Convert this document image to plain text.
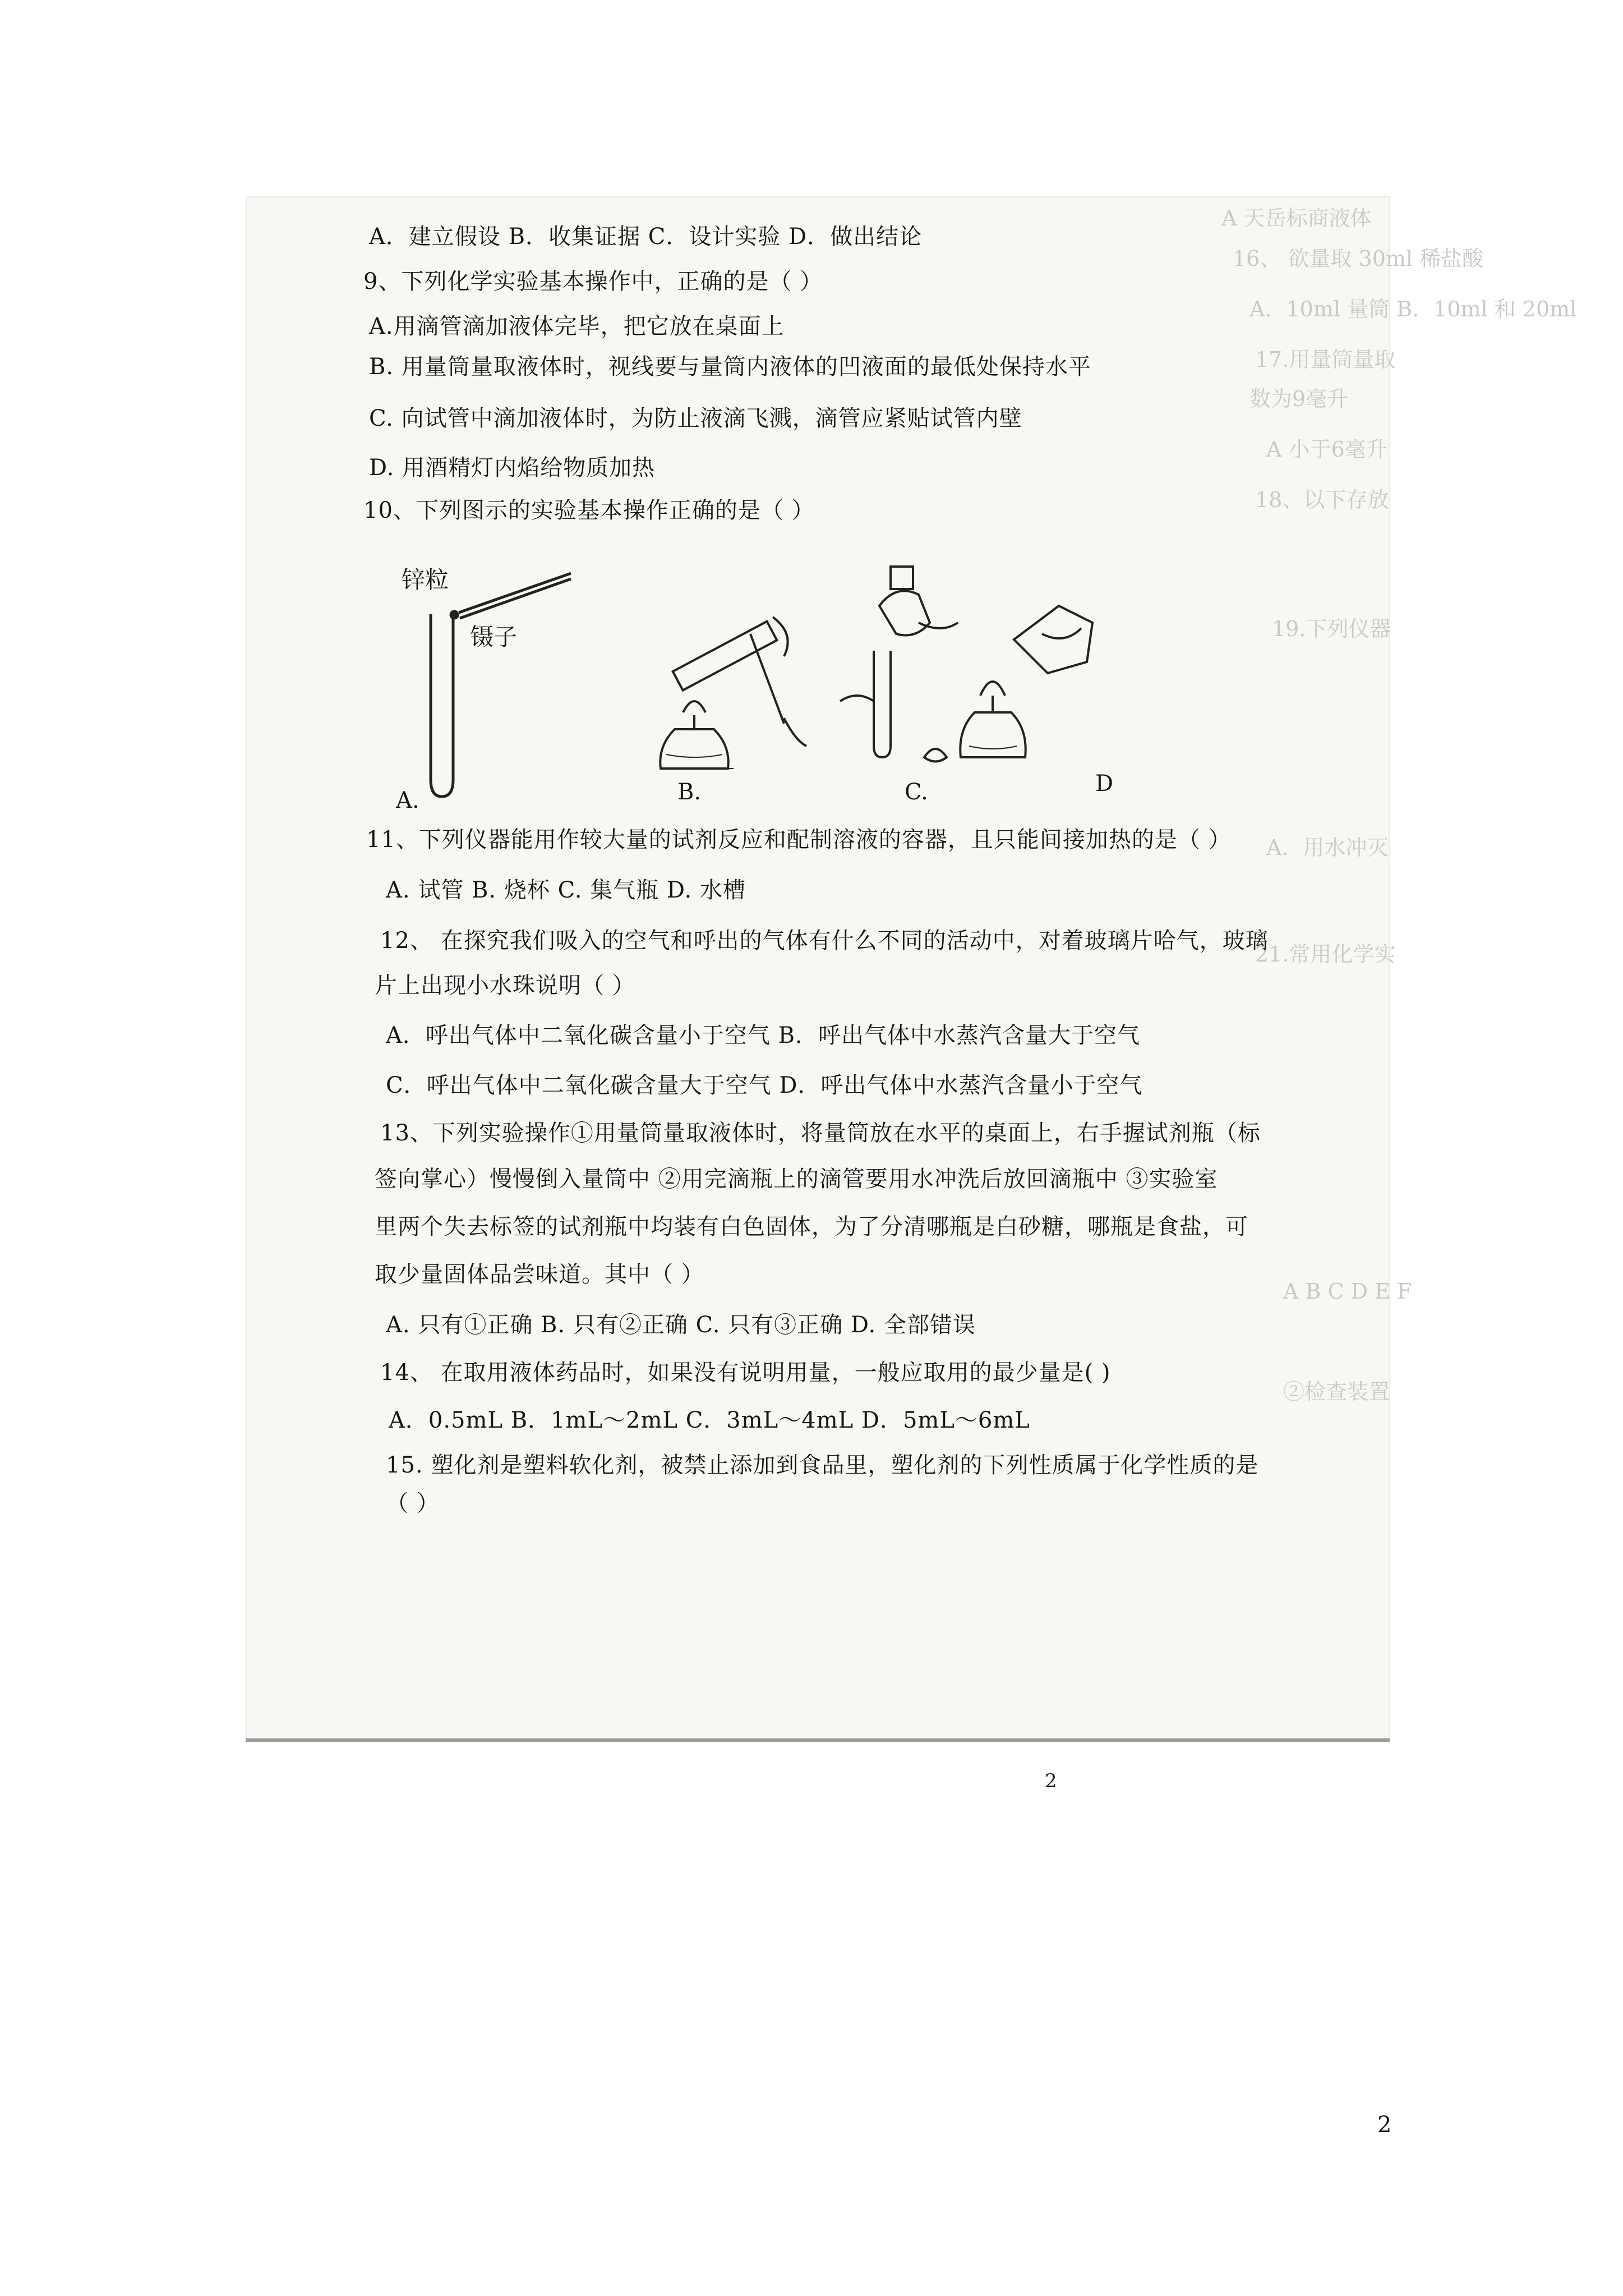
A 天岳标商液体
16、 欲量取 30ml 稀盐酸
A．10ml 量筒 B．10ml 和 20ml
17.用量筒量取
数为9毫升
A 小于6毫升
18、以下存放
19.下列仪器
A．用水冲灭
21.常用化学实
A B C D E F
②检查装置
A．建立假设 B．收集证据 C．设计实验 D．做出结论
9、下列化学实验基本操作中，正确的是（ ）
A.用滴管滴加液体完毕，把它放在桌面上
B. 用量筒量取液体时，视线要与量筒内液体的凹液面的最低处保持水平
C. 向试管中滴加液体时，为防止液滴飞溅，滴管应紧贴试管内壁
D. 用酒精灯内焰给物质加热
10、下列图示的实验基本操作正确的是（ ）
锌粒
镊子
A.	B.	C.	D
11、下列仪器能用作较大量的试剂反应和配制溶液的容器，且只能间接加热的是（ ）
A. 试管 B. 烧杯 C. 集气瓶 D. 水槽
12、 在探究我们吸入的空气和呼出的气体有什么不同的活动中，对着玻璃片哈气，玻璃
片上出现小水珠说明（ ）
A．呼出气体中二氧化碳含量小于空气 B．呼出气体中水蒸汽含量大于空气
C．呼出气体中二氧化碳含量大于空气 D．呼出气体中水蒸汽含量小于空气
13、下列实验操作①用量筒量取液体时，将量筒放在水平的桌面上，右手握试剂瓶（标
签向掌心）慢慢倒入量筒中 ②用完滴瓶上的滴管要用水冲洗后放回滴瓶中 ③实验室
里两个失去标签的试剂瓶中均装有白色固体，为了分清哪瓶是白砂糖，哪瓶是食盐，可
取少量固体品尝味道。其中（ ）
A. 只有①正确 B. 只有②正确 C. 只有③正确 D. 全部错误
14、 在取用液体药品时，如果没有说明用量，一般应取用的最少量是( )
A．0.5mL B．1mL～2mL C．3mL～4mL D．5mL～6mL
15. 塑化剂是塑料软化剂，被禁止添加到食品里，塑化剂的下列性质属于化学性质的是
（ ）
2
2
